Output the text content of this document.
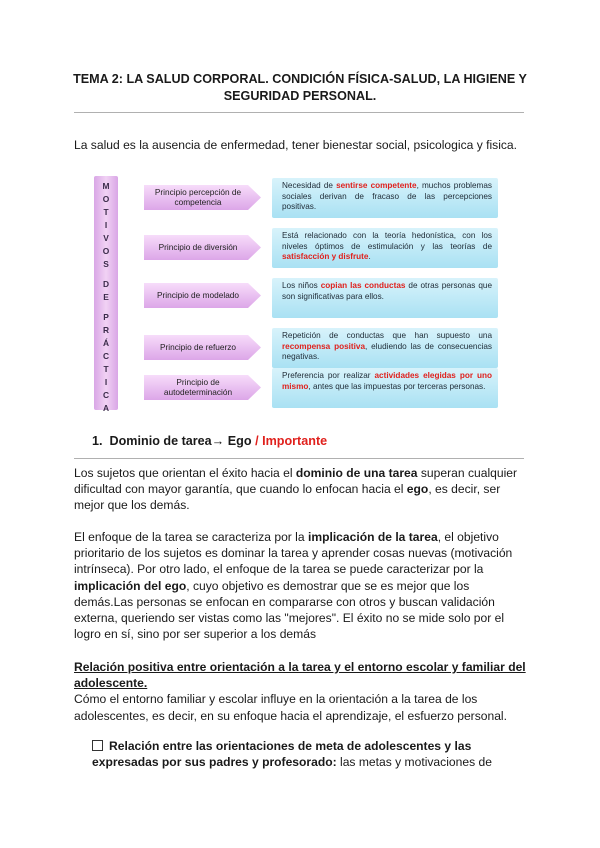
TEMA 2: LA SALUD CORPORAL. CONDICIÓN FÍSICA-SALUD, LA HIGIENE Y
SEGURIDAD PERSONAL.
La salud es la ausencia de enfermedad, tener bienestar social, psicologica y fisica.
M
O
T
I
V
O
S
D
E
P
R
Á
C
T
I
C
A
Principio percepción de competencia
Necesidad de sentirse competente, muchos problemas sociales derivan de fracaso de las percepciones positivas.
Principio de diversión
Está relacionado con la teoría hedonística, con los niveles óptimos de estimulación y las teorías de satisfacción y disfrute.
Principio de modelado
Los niños copian las conductas de otras personas que son significativas para ellos.
Principio de refuerzo
Repetición de conductas que han supuesto una recompensa positiva, eludiendo las de consecuencias negativas.
Principio de autodeterminación
Preferencia por realizar actividades elegidas por uno mismo, antes que las impuestas por terceras personas.
1. Dominio de tarea→ Ego / Importante
Los sujetos que orientan el éxito hacia el dominio de una tarea superan cualquier dificultad con mayor garantía, que cuando lo enfocan hacia el ego, es decir, ser mejor que los demás.
El enfoque de la tarea se caracteriza por la implicación de la tarea, el objetivo prioritario de los sujetos es dominar la tarea y aprender cosas nuevas (motivación intrínseca). Por otro lado, el enfoque de la tarea se puede caracterizar por la implicación del ego, cuyo objetivo es demostrar que se es mejor que los demás.Las personas se enfocan en compararse con otros y buscan validación externa, queriendo ser vistas como las "mejores". El éxito no se mide solo por el logro en sí, sino por ser superior a los demás
Relación positiva entre orientación a la tarea y el entorno escolar y familiar del adolescente.
Cómo el entorno familiar y escolar influye en la orientación a la tarea de los adolescentes, es decir, en su enfoque hacia el aprendizaje, el esfuerzo personal.
Relación entre las orientaciones de meta de adolescentes y las expresadas por sus padres y profesorado: las metas y motivaciones de
